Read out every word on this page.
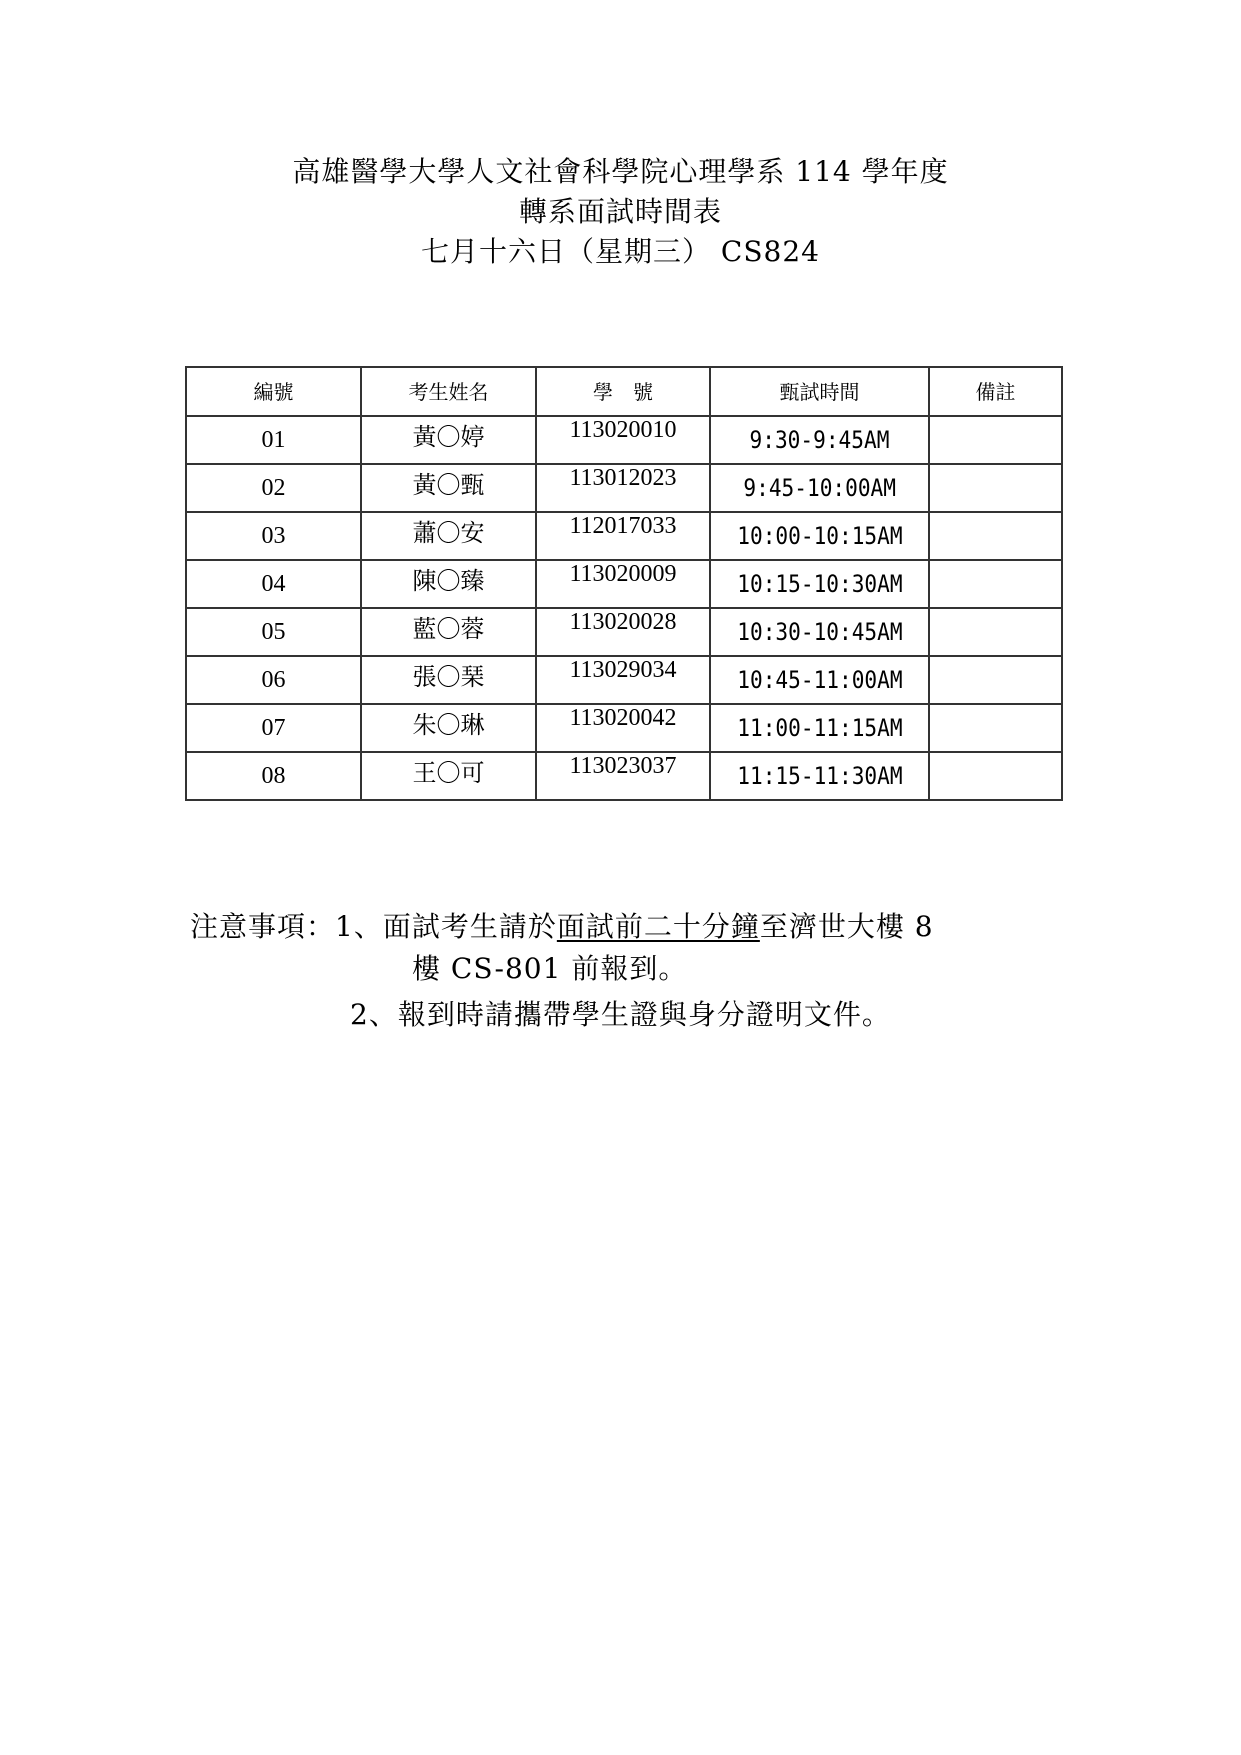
高雄醫學大學人文社會科學院心理學系 114 學年度
轉系面試時間表
七月十六日（星期三） CS824
編號	考生姓名	學　號	甄試時間	備註
01	黃〇婷	113020010	9:30-9:45AM	
02	黃〇甄	113012023	9:45-10:00AM	
03	蕭〇安	112017033	10:00-10:15AM	
04	陳〇臻	113020009	10:15-10:30AM	
05	藍〇蓉	113020028	10:30-10:45AM	
06	張〇琹	113029034	10:45-11:00AM	
07	朱〇琳	113020042	11:00-11:15AM	
08	王〇可	113023037	11:15-11:30AM	
注意事項：1、面試考生請於面試前二十分鐘至濟世大樓 8
樓 CS-801 前報到。
2、報到時請攜帶學生證與身分證明文件。
